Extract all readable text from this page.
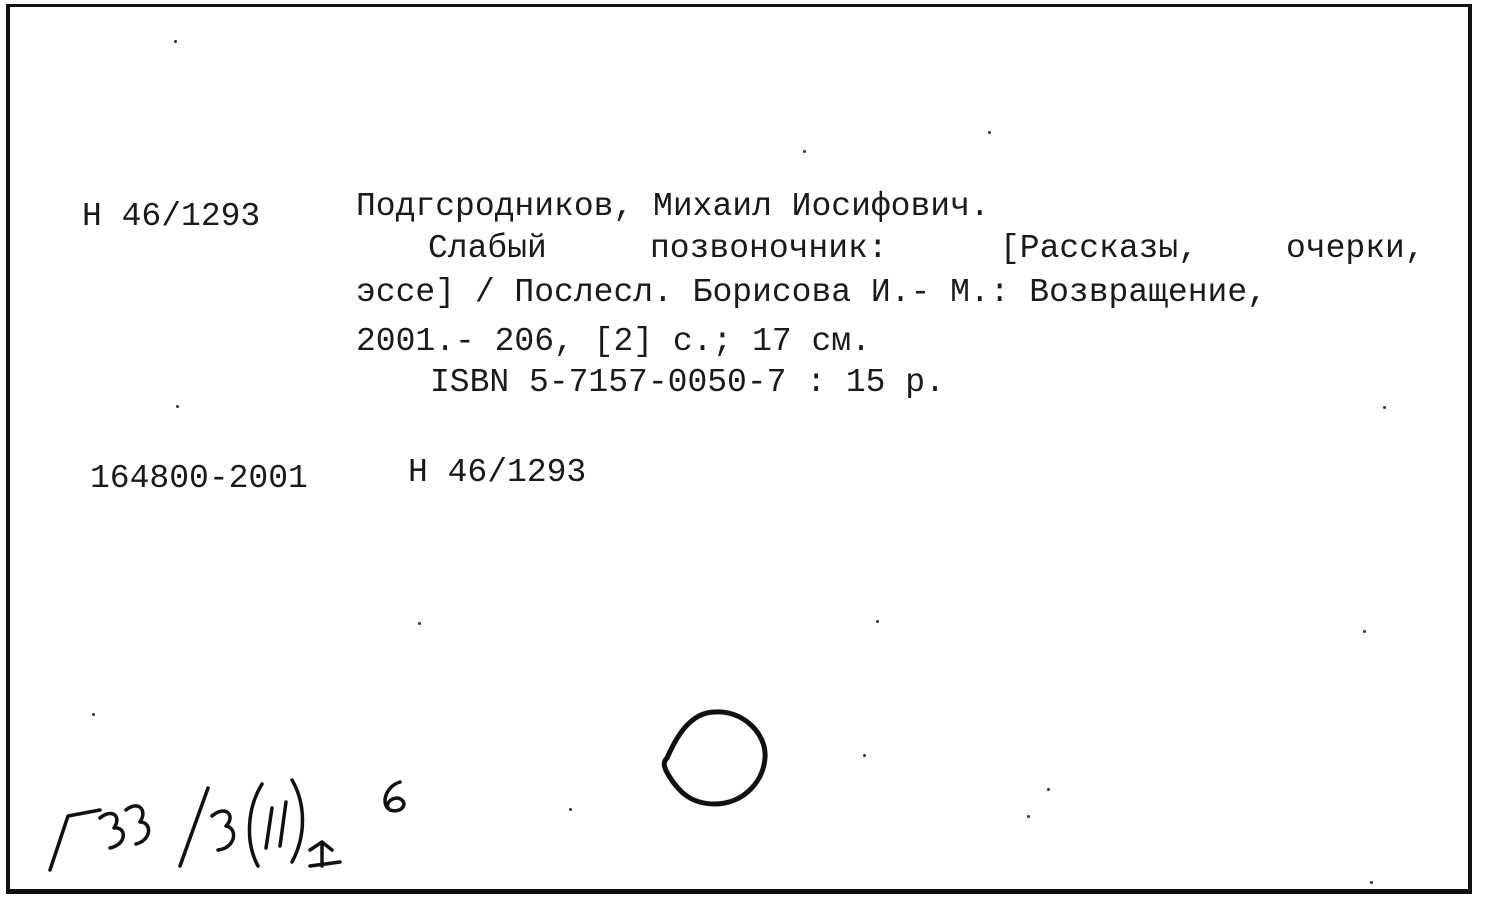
Н 46/1293	Подгсродников, Михаил Иосифович.
Слабый	позвоночник:	[Рассказы,	очерки,
эссе] / Послесл. Борисова И.- М.: Возвращение,
2001.- 206, [2] с.; 17 см.
ISBN 5-7157-0050-7 : 15 р.
164800-2001	Н 46/1293
